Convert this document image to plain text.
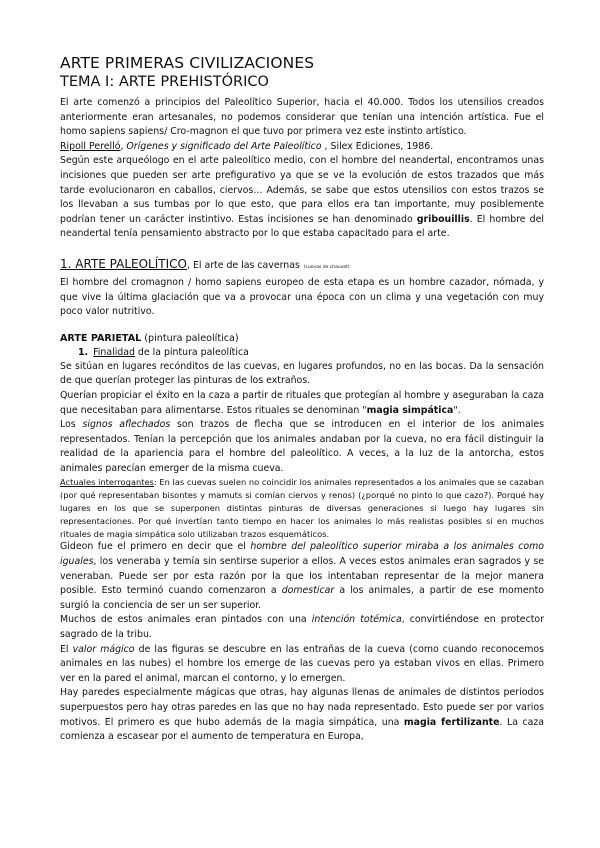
ARTE PRIMERAS CIVILIZACIONES
TEMA I: ARTE PREHISTÓRICO

El arte comenzó a principios del Paleolítico Superior, hacia el 40.000. Todos los utensilios creados anteriormente eran artesanales, no podemos considerar que tenían una intención artística. Fue el homo sapiens sapiens/ Cro-magnon el que tuvo por primera vez este instinto artístico.

Ripoll Perelló, Orígenes y significado del Arte Paleolítico , Silex Ediciones, 1986.

Según este arqueólogo en el arte paleolítico medio, con el hombre del neandertal, encontramos unas incisiones que pueden ser arte prefigurativo ya que se ve la evolución de estos trazados que más tarde evolucionaron en caballos, ciervos… Además, se sabe que estos utensilios con estos trazos se los llevaban a sus tumbas por lo que esto, que para ellos era tan importante, muy posiblemente podrían tener un carácter instintivo. Estas incisiones se han denominado gribouillis. El hombre del neandertal tenía pensamiento abstracto por lo que estaba capacitado para el arte.

1. ARTE PALEOLÍTICO, El arte de las cavernas (cuevas de chauvet)

El hombre del cromagnon / homo sapiens europeo de esta etapa es un hombre cazador, nómada, y que vive la última glaciación que va a provocar una época con un clima y una vegetación con muy poco valor nutritivo.

ARTE PARIETAL (pintura paleolítica)
1. Finalidad de la pintura paleolítica

Se sitúan en lugares recónditos de las cuevas, en lugares profundos, no en las bocas. Da la sensación de que querían proteger las pinturas de los extraños.

Querían propiciar el éxito en la caza a partir de rituales que protegían al hombre y aseguraban la caza que necesitaban para alimentarse. Estos rituales se denominan "magia simpática".

Los signos aflechados son trazos de flecha que se introducen en el interior de los animales representados. Tenían la percepción que los animales andaban por la cueva, no era fácil distinguir la realidad de la apariencia para el hombre del paleolítico. A veces, a la luz de la antorcha, estos animales parecían emerger de la misma cueva.

Actuales interrogantes: En las cuevas suelen no coincidir los animales representados a los animales que se cazaban (por qué representaban bisontes y mamuts si comían ciervos y renos) (¿porqué no pinto lo que cazo?). Porqué hay lugares en los que se superponen distintas pinturas de diversas generaciones si luego hay lugares sin representaciones. Por qué invertían tanto tiempo en hacer los animales lo más realistas posibles si en muchos rituales de magia simpática solo utilizaban trazos esquemáticos.

Gideon fue el primero en decir que el hombre del paleolítico superior miraba a los animales como iguales, los veneraba y temía sin sentirse superior a ellos. A veces estos animales eran sagrados y se veneraban. Puede ser por esta razón por la que los intentaban representar de la mejor manera posible. Esto terminó cuando comenzaron a domesticar a los animales, a partir de ese momento surgió la conciencia de ser un ser superior.

Muchos de estos animales eran pintados con una intención totémica, convirtiéndose en protector sagrado de la tribu.

El valor mágico de las figuras se descubre en las entrañas de la cueva (como cuando reconocemos animales en las nubes) el hombre los emerge de las cuevas pero ya estaban vivos en ellas. Primero ver en la pared el animal, marcan el contorno, y lo emergen.

Hay paredes especialmente mágicas que otras, hay algunas llenas de animales de distintos periodos superpuestos pero hay otras paredes en las que no hay nada representado. Esto puede ser por varios motivos. El primero es que hubo además de la magia simpática, una magia fertilizante. La caza comienza a escasear por el aumento de temperatura en Europa,
